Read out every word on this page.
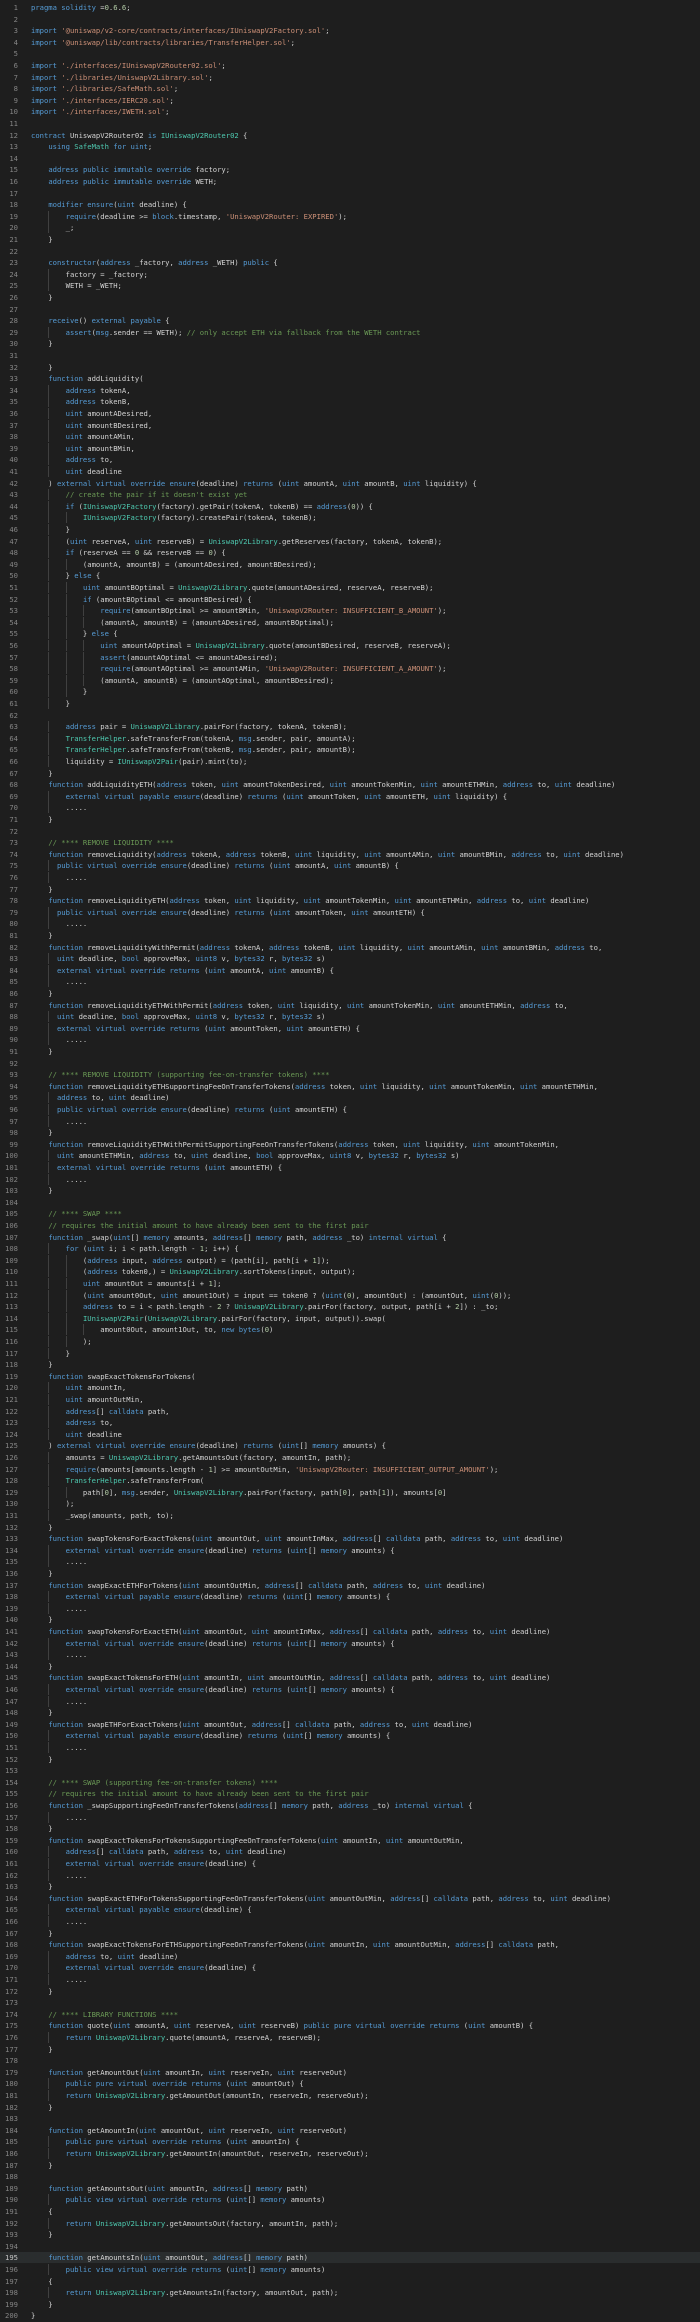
1 pragma solidity =0.6.6;
2
3 import '@uniswap/v2-core/contracts/interfaces/IUniswapV2Factory.sol';
4 import '@uniswap/lib/contracts/libraries/TransferHelper.sol';
5
6 import './interfaces/IUniswapV2Router02.sol';
7 import './libraries/UniswapV2Library.sol';
8 import './libraries/SafeMath.sol';
9 import './interfaces/IERC20.sol';
10 import './interfaces/IWETH.sol';
11
12 contract UniswapV2Router02 is IUniswapV2Router02 {
13	using SafeMath for uint;
14
15	address public immutable override factory;
16	address public immutable override WETH;
17
18	modifier ensure(uint deadline) {
19	require(deadline >= block.timestamp, 'UniswapV2Router: EXPIRED');
20 _;
21 }
22
23	constructor(address _factory, address _WETH) public {
24 factory = _factory;
25 WETH = _WETH;
26 }
27
28	receive() external payable {
29	assert(msg.sender == WETH); // only accept ETH via fallback from the WETH contract
30 }
31
32 }
33	function addLiquidity(
34	address tokenA,
35	address tokenB,
36	uint amountADesired,
37	uint amountBDesired,
38	uint amountAMin,
39	uint amountBMin,
40	address to,
41	uint deadline
42 ) external virtual override ensure(deadline) returns (uint amountA, uint amountB, uint liquidity) {
43	// create the pair if it doesn't exist yet
44	if (IUniswapV2Factory(factory).getPair(tokenA, tokenB) == address(0)) {
45	IUniswapV2Factory(factory).createPair(tokenA, tokenB);
46 }
47 (uint reserveA, uint reserveB) = UniswapV2Library.getReserves(factory, tokenA, tokenB);
48	if (reserveA == 0 && reserveB == 0) {
49 (amountA, amountB) = (amountADesired, amountBDesired);
50 } else {
51	uint amountBOptimal = UniswapV2Library.quote(amountADesired, reserveA, reserveB);
52	if (amountBOptimal <= amountBDesired) {
53	require(amountBOptimal >= amountBMin, 'UniswapV2Router: INSUFFICIENT_B_AMOUNT');
54 (amountA, amountB) = (amountADesired, amountBOptimal);
55 } else {
56	uint amountAOptimal = UniswapV2Library.quote(amountBDesired, reserveB, reserveA);
57	assert(amountAOptimal <= amountADesired);
58	require(amountAOptimal >= amountAMin, 'UniswapV2Router: INSUFFICIENT_A_AMOUNT');
59 (amountA, amountB) = (amountAOptimal, amountBDesired);
60 }
61 }
62
63	address pair = UniswapV2Library.pairFor(factory, tokenA, tokenB);
64	TransferHelper.safeTransferFrom(tokenA, msg.sender, pair, amountA);
65	TransferHelper.safeTransferFrom(tokenB, msg.sender, pair, amountB);
66 liquidity = IUniswapV2Pair(pair).mint(to);
67 }
68	function addLiquidityETH(address token, uint amountTokenDesired, uint amountTokenMin, uint amountETHMin, address to, uint deadline)
69	external virtual payable ensure(deadline) returns (uint amountToken, uint amountETH, uint liquidity) {
70 .....
71 }
72
73	// **** REMOVE LIQUIDITY ****
74	function removeLiquidity(address tokenA, address tokenB, uint liquidity, uint amountAMin, uint amountBMin, address to, uint deadline)
75	public virtual override ensure(deadline) returns (uint amountA, uint amountB) {
76 .....
77 }
78	function removeLiquidityETH(address token, uint liquidity, uint amountTokenMin, uint amountETHMin, address to, uint deadline)
79	public virtual override ensure(deadline) returns (uint amountToken, uint amountETH) {
80 .....
81 }
82	function removeLiquidityWithPermit(address tokenA, address tokenB, uint liquidity, uint amountAMin, uint amountBMin, address to,
83	uint deadline, bool approveMax, uint8 v, bytes32 r, bytes32 s)
84	external virtual override returns (uint amountA, uint amountB) {
85 .....
86 }
87	function removeLiquidityETHWithPermit(address token, uint liquidity, uint amountTokenMin, uint amountETHMin, address to,
88	uint deadline, bool approveMax, uint8 v, bytes32 r, bytes32 s)
89	external virtual override returns (uint amountToken, uint amountETH) {
90 .....
91 }
92
93	// **** REMOVE LIQUIDITY (supporting fee-on-transfer tokens) ****
94	function removeLiquidityETHSupportingFeeOnTransferTokens(address token, uint liquidity, uint amountTokenMin, uint amountETHMin,
95	address to, uint deadline)
96	public virtual override ensure(deadline) returns (uint amountETH) {
97 .....
98 }
99	function removeLiquidityETHWithPermitSupportingFeeOnTransferTokens(address token, uint liquidity, uint amountTokenMin,
100	uint amountETHMin, address to, uint deadline, bool approveMax, uint8 v, bytes32 r, bytes32 s)
101	external virtual override returns (uint amountETH) {
102 .....
103 }
104
105	// **** SWAP ****
106	// requires the initial amount to have already been sent to the first pair
107	function _swap(uint[] memory amounts, address[] memory path, address _to) internal virtual {
108	for (uint i; i < path.length - 1; i++) {
109 (address input, address output) = (path[i], path[i + 1]);
110 (address token0,) = UniswapV2Library.sortTokens(input, output);
111	uint amountOut = amounts[i + 1];
112 (uint amount0Out, uint amount1Out) = input == token0 ? (uint(0), amountOut) : (amountOut, uint(0));
113	address to = i < path.length - 2 ? UniswapV2Library.pairFor(factory, output, path[i + 2]) : _to;
114	IUniswapV2Pair(UniswapV2Library.pairFor(factory, input, output)).swap(
115 amount0Out, amount1Out, to, new bytes(0)
116 );
117 }
118 }
119	function swapExactTokensForTokens(
120	uint amountIn,
121	uint amountOutMin,
122	address[] calldata path,
123	address to,
124	uint deadline
125 ) external virtual override ensure(deadline) returns (uint[] memory amounts) {
126 amounts = UniswapV2Library.getAmountsOut(factory, amountIn, path);
127	require(amounts[amounts.length - 1] >= amountOutMin, 'UniswapV2Router: INSUFFICIENT_OUTPUT_AMOUNT');
128	TransferHelper.safeTransferFrom(
129 path[0], msg.sender, UniswapV2Library.pairFor(factory, path[0], path[1]), amounts[0]
130 );
131 _swap(amounts, path, to);
132 }
133	function swapTokensForExactTokens(uint amountOut, uint amountInMax, address[] calldata path, address to, uint deadline)
134	external virtual override ensure(deadline) returns (uint[] memory amounts) {
135 .....
136 }
137	function swapExactETHForTokens(uint amountOutMin, address[] calldata path, address to, uint deadline)
138	external virtual payable ensure(deadline) returns (uint[] memory amounts) {
139 .....
140 }
141	function swapTokensForExactETH(uint amountOut, uint amountInMax, address[] calldata path, address to, uint deadline)
142	external virtual override ensure(deadline) returns (uint[] memory amounts) {
143 .....
144 }
145	function swapExactTokensForETH(uint amountIn, uint amountOutMin, address[] calldata path, address to, uint deadline)
146	external virtual override ensure(deadline) returns (uint[] memory amounts) {
147 .....
148 }
149	function swapETHForExactTokens(uint amountOut, address[] calldata path, address to, uint deadline)
150	external virtual payable ensure(deadline) returns (uint[] memory amounts) {
151 .....
152 }
153
154	// **** SWAP (supporting fee-on-transfer tokens) ****
155	// requires the initial amount to have already been sent to the first pair
156	function _swapSupportingFeeOnTransferTokens(address[] memory path, address _to) internal virtual {
157 .....
158 }
159	function swapExactTokensForTokensSupportingFeeOnTransferTokens(uint amountIn, uint amountOutMin,
160	address[] calldata path, address to, uint deadline)
161	external virtual override ensure(deadline) {
162 .....
163 }
164	function swapExactETHForTokensSupportingFeeOnTransferTokens(uint amountOutMin, address[] calldata path, address to, uint deadline)
165	external virtual payable ensure(deadline) {
166 .....
167 }
168	function swapExactTokensForETHSupportingFeeOnTransferTokens(uint amountIn, uint amountOutMin, address[] calldata path,
169	address to, uint deadline)
170	external virtual override ensure(deadline) {
171 .....
172 }
173
174	// **** LIBRARY FUNCTIONS ****
175	function quote(uint amountA, uint reserveA, uint reserveB) public pure virtual override returns (uint amountB) {
176	return UniswapV2Library.quote(amountA, reserveA, reserveB);
177 }
178
179	function getAmountOut(uint amountIn, uint reserveIn, uint reserveOut)
180	public pure virtual override returns (uint amountOut) {
181	return UniswapV2Library.getAmountOut(amountIn, reserveIn, reserveOut);
182 }
183
184	function getAmountIn(uint amountOut, uint reserveIn, uint reserveOut)
185	public pure virtual override returns (uint amountIn) {
186	return UniswapV2Library.getAmountIn(amountOut, reserveIn, reserveOut);
187 }
188
189	function getAmountsOut(uint amountIn, address[] memory path)
190	public view virtual override returns (uint[] memory amounts)
191 {
192	return UniswapV2Library.getAmountsOut(factory, amountIn, path);
193 }
194
195	function getAmountsIn(uint amountOut, address[] memory path)
196	public view virtual override returns (uint[] memory amounts)
197 {
198	return UniswapV2Library.getAmountsIn(factory, amountOut, path);
199 }
200 }
